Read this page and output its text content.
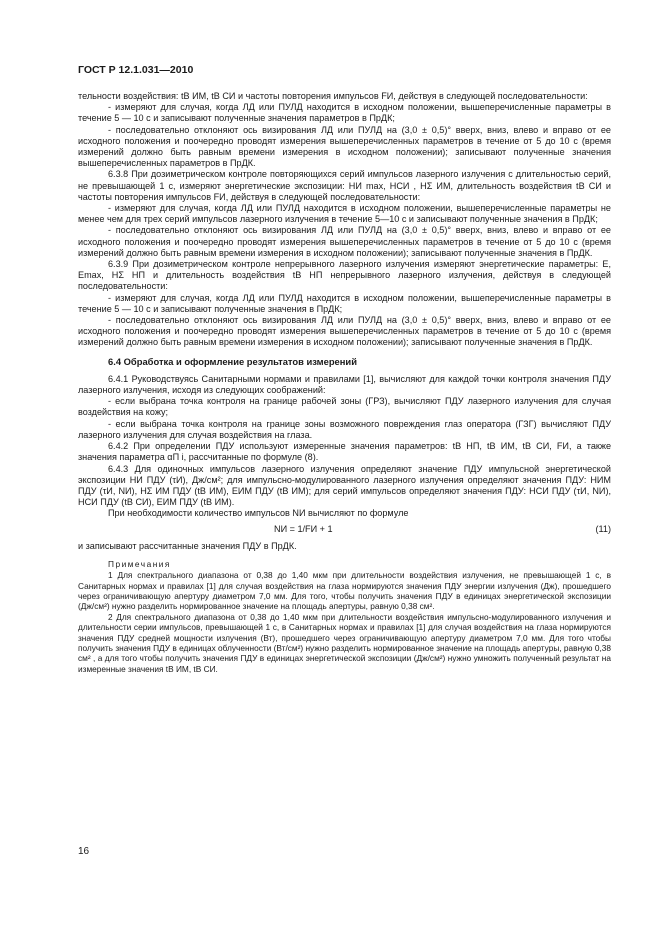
ГОСТ Р 12.1.031—2010

тельности воздействия: tВ ИМ, tВ СИ и частоты повторения импульсов FИ, действуя в следующей последовательности:

- измеряют для случая, когда ЛД или ПУЛД находится в исходном положении, вышеперечисленные параметры в течение 5 — 10 с и записывают полученные значения параметров в ПрДК;

- последовательно отклоняют ось визирования ЛД или ПУЛД на (3,0 ± 0,5)° вверх, вниз, влево и вправо от ее исходного положения и поочередно проводят измерения вышеперечисленных параметров в течение от 5 до 10 с (время измерений должно быть равным времени измерения в исходном положении); записывают полученные значения вышеперечисленных параметров в ПрДК.

6.3.8 При дозиметрическом контроле повторяющихся серий импульсов лазерного излучения с длительностью серий, не превышающей 1 с, измеряют энергетические экспозиции: НИ max, НСИ , НΣ ИМ, длительность воздействия tВ СИ и частоты повторения импульсов FИ, действуя в следующей последовательности:

- измеряют для случая, когда ЛД или ПУЛД находится в исходном положении, вышеперечисленные параметры не менее чем для трех серий импульсов лазерного излучения в течение 5—10 с и записывают полученные значения в ПрДК;

- последовательно отклоняют ось визирования ЛД или ПУЛД на (3,0 ± 0,5)° вверх, вниз, влево и вправо от ее исходного положения и поочередно проводят измерения вышеперечисленных параметров в течение от 5 до 10 с (время измерений должно быть равным времени измерения в исходном положении); записывают полученные значения в ПрДК.

6.3.9 При дозиметрическом контроле непрерывного лазерного излучения измеряют энергетические параметры: Е, Еmax, НΣ НП и длительность воздействия tВ НП непрерывного лазерного излучения, действуя в следующей последовательности:

- измеряют для случая, когда ЛД или ПУЛД находится в исходном положении, вышеперечисленные параметры в течение 5 — 10 с и записывают полученные значения в ПрДК;

- последовательно отклоняют ось визирования ЛД или ПУЛД на (3,0 ± 0,5)° вверх, вниз, влево и вправо от ее исходного положения и поочередно проводят измерения вышеперечисленных параметров в течение от 5 до 10 с (время измерений должно быть равным времени измерения в исходном положении); записывают полученные значения в ПрДК.

6.4 Обработка и оформление результатов измерений

6.4.1 Руководствуясь Санитарными нормами и правилами [1], вычисляют для каждой точки контроля значения ПДУ лазерного излучения, исходя из следующих соображений:

- если выбрана точка контроля на границе рабочей зоны (ГРЗ), вычисляют ПДУ лазерного излучения для случая воздействия на кожу;

- если выбрана точка контроля на границе зоны возможного повреждения глаз оператора (ГЗГ) вычисляют ПДУ лазерного излучения для случая воздействия на глаза.

6.4.2 При определении ПДУ используют измеренные значения параметров: tВ НП, tВ ИМ, tВ СИ, FИ, а также значения параметра αП i, рассчитанные по формуле (8).

6.4.3 Для одиночных импульсов лазерного излучения определяют значение ПДУ импульсной энергетической экспозиции НИ ПДУ (τИ), Дж/см²; для импульсно-модулированного лазерного излучения определяют значения ПДУ: НИМ ПДУ (τИ, NИ), НΣ ИМ ПДУ (tВ ИМ), ЕИМ ПДУ (tВ ИМ); для серий импульсов определяют значения ПДУ: НСИ ПДУ (τИ, NИ), НСИ ПДУ (tВ СИ), ЕИМ ПДУ (tВ ИМ).

При необходимости количество импульсов NИ вычисляют по формуле

NИ = 1/FИ + 1	(11)

и записывают рассчитанные значения ПДУ в ПрДК.

Примечания

1 Для спектрального диапазона от 0,38 до 1,40 мкм при длительности воздействия излучения, не превышающей 1 с, в Санитарных нормах и правилах [1] для случая воздействия на глаза нормируются значения ПДУ энергии излучения (Дж), прошедшего через ограничивающую апертуру диаметром 7,0 мм. Для того, чтобы получить значения ПДУ в единицах энергетической экспозиции (Дж/см²) нужно разделить нормированное значение на площадь апертуры, равную 0,38 см².

2 Для спектрального диапазона от 0,38 до 1,40 мкм при длительности воздействия импульсно-модулированного излучения и длительности серии импульсов, превышающей 1 с, в Санитарных нормах и правилах [1] для случая воздействия на глаза нормируются значения ПДУ средней мощности излучения (Вт), прошедшего через ограничивающую апертуру диаметром 7,0 мм. Для того чтобы получить значения ПДУ в единицах облученности (Вт/см²) нужно разделить нормированное значение на площадь апертуры, равную 0,38 см² , а для того чтобы получить значения ПДУ в единицах энергетической экспозиции (Дж/см²) нужно умножить полученный результат на измеренные значения tВ ИМ, tВ СИ.

16
